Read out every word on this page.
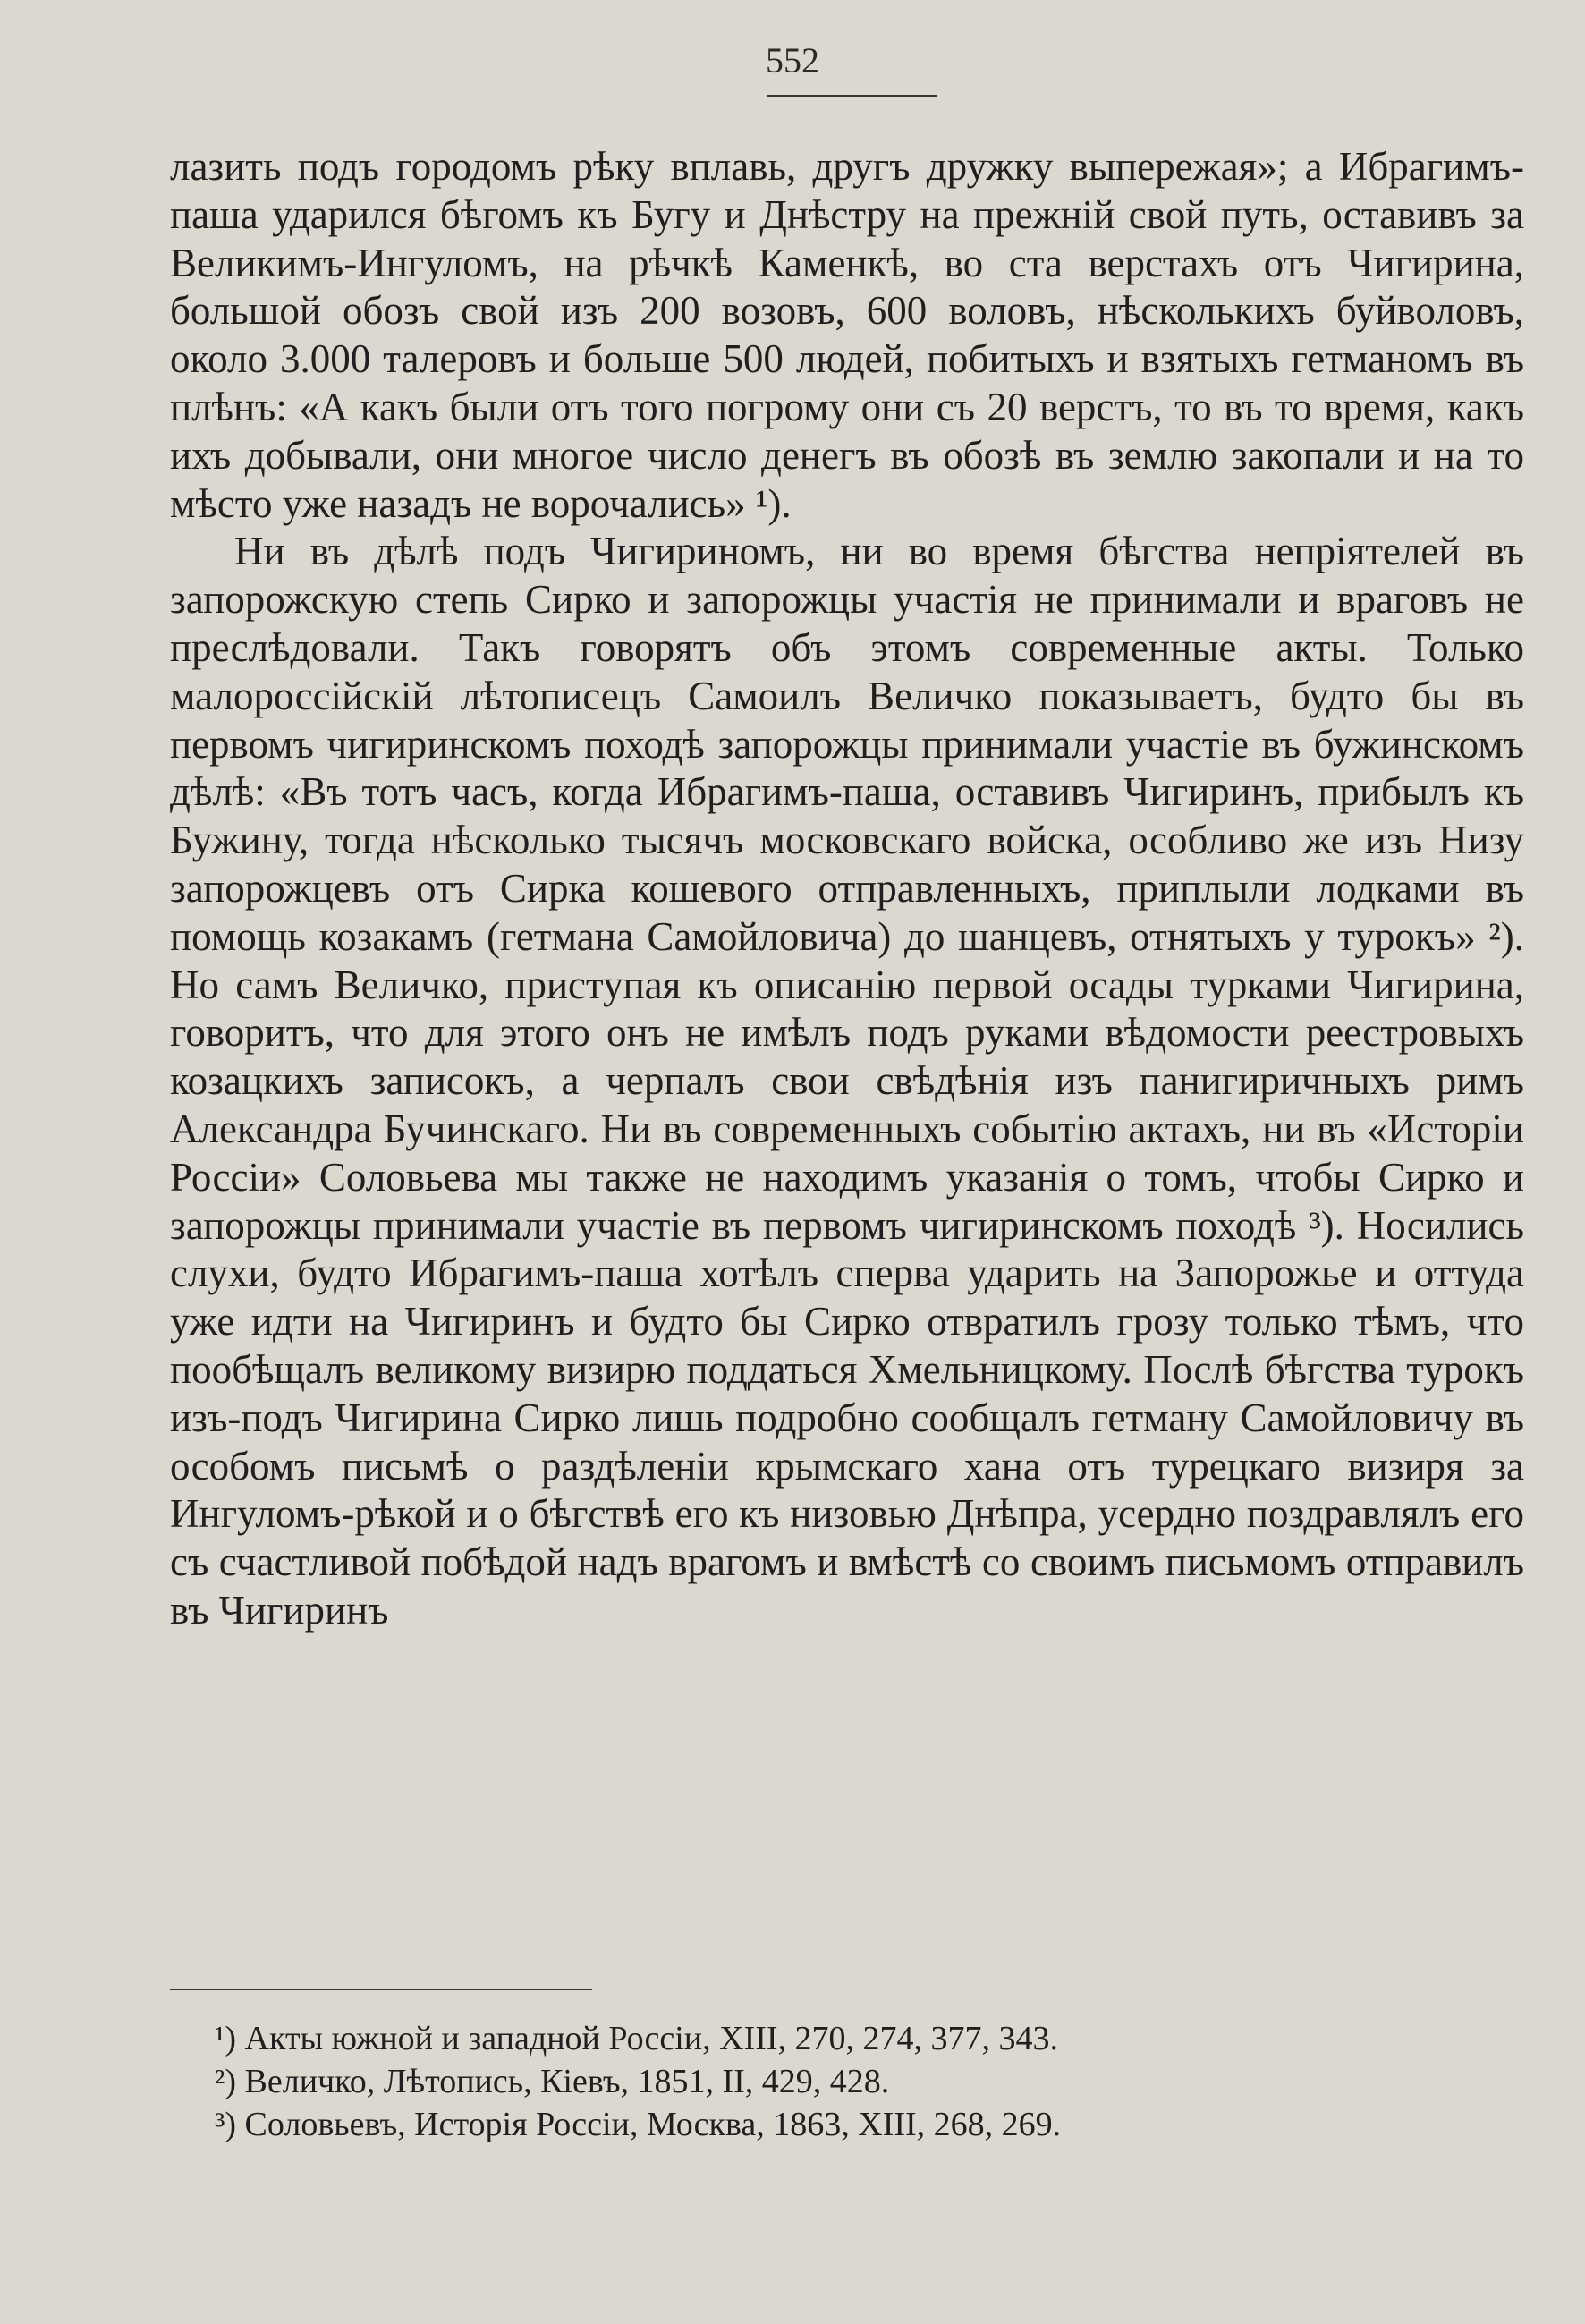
552

лазить подъ городомъ рѣку вплавь, другъ дружку выпережая»; а Ибрагимъ-паша ударился бѣгомъ къ Бугу и Днѣстру на прежній свой путь, оставивъ за Великимъ-Ингуломъ, на рѣчкѣ Каменкѣ, во ста верстахъ отъ Чигирина, большой обозъ свой изъ 200 возовъ, 600 воловъ, нѣсколькихъ буйволовъ, около 3.000 талеровъ и больше 500 людей, побитыхъ и взятыхъ гетманомъ въ плѣнъ: «А какъ были отъ того погрому они съ 20 верстъ, то въ то время, какъ ихъ добывали, они многое число денегъ въ обозѣ въ землю закопали и на то мѣсто уже назадъ не ворочались» ¹).

Ни въ дѣлѣ подъ Чигириномъ, ни во время бѣгства непріятелей въ запорожскую степь Сирко и запорожцы участія не принимали и враговъ не преслѣдовали. Такъ говорятъ объ этомъ современные акты. Только малороссійскій лѣтописецъ Самоилъ Величко показываетъ, будто бы въ первомъ чигиринскомъ походѣ запорожцы принимали участіе въ бужинскомъ дѣлѣ: «Въ тотъ часъ, когда Ибрагимъ-паша, оставивъ Чигиринъ, прибылъ къ Бужину, тогда нѣсколько тысячъ московскаго войска, особливо же изъ Низу запорожцевъ отъ Сирка кошевого отправленныхъ, приплыли лодками въ помощь козакамъ (гетмана Самойловича) до шанцевъ, отнятыхъ у турокъ» ²). Но самъ Величко, приступая къ описанію первой осады турками Чигирина, говоритъ, что для этого онъ не имѣлъ подъ руками вѣдомости реестровыхъ козацкихъ записокъ, а черпалъ свои свѣдѣнія изъ панигиричныхъ римъ Александра Бучинскаго. Ни въ современныхъ событію актахъ, ни въ «Исторіи Россіи» Соловьева мы также не находимъ указанія о томъ, чтобы Сирко и запорожцы принимали участіе въ первомъ чигиринскомъ походѣ ³). Носились слухи, будто Ибрагимъ-паша хотѣлъ сперва ударить на Запорожье и оттуда уже идти на Чигиринъ и будто бы Сирко отвратилъ грозу только тѣмъ, что пообѣщалъ великому визирю поддаться Хмельницкому. Послѣ бѣгства турокъ изъ-подъ Чигирина Сирко лишь подробно сообщалъ гетману Самойловичу въ особомъ письмѣ о раздѣленіи крымскаго хана отъ турецкаго визиря за Ингуломъ-рѣкой и о бѣгствѣ его къ низовью Днѣпра, усердно поздравлялъ его съ счастливой побѣдой надъ врагомъ и вмѣстѣ со своимъ письмомъ отправилъ въ Чигиринъ

¹) Акты южной и западной Россіи, XIII, 270, 274, 377, 343.

²) Величко, Лѣтопись, Кіевъ, 1851, II, 429, 428.

³) Соловьевъ, Исторія Россіи, Москва, 1863, XIII, 268, 269.
